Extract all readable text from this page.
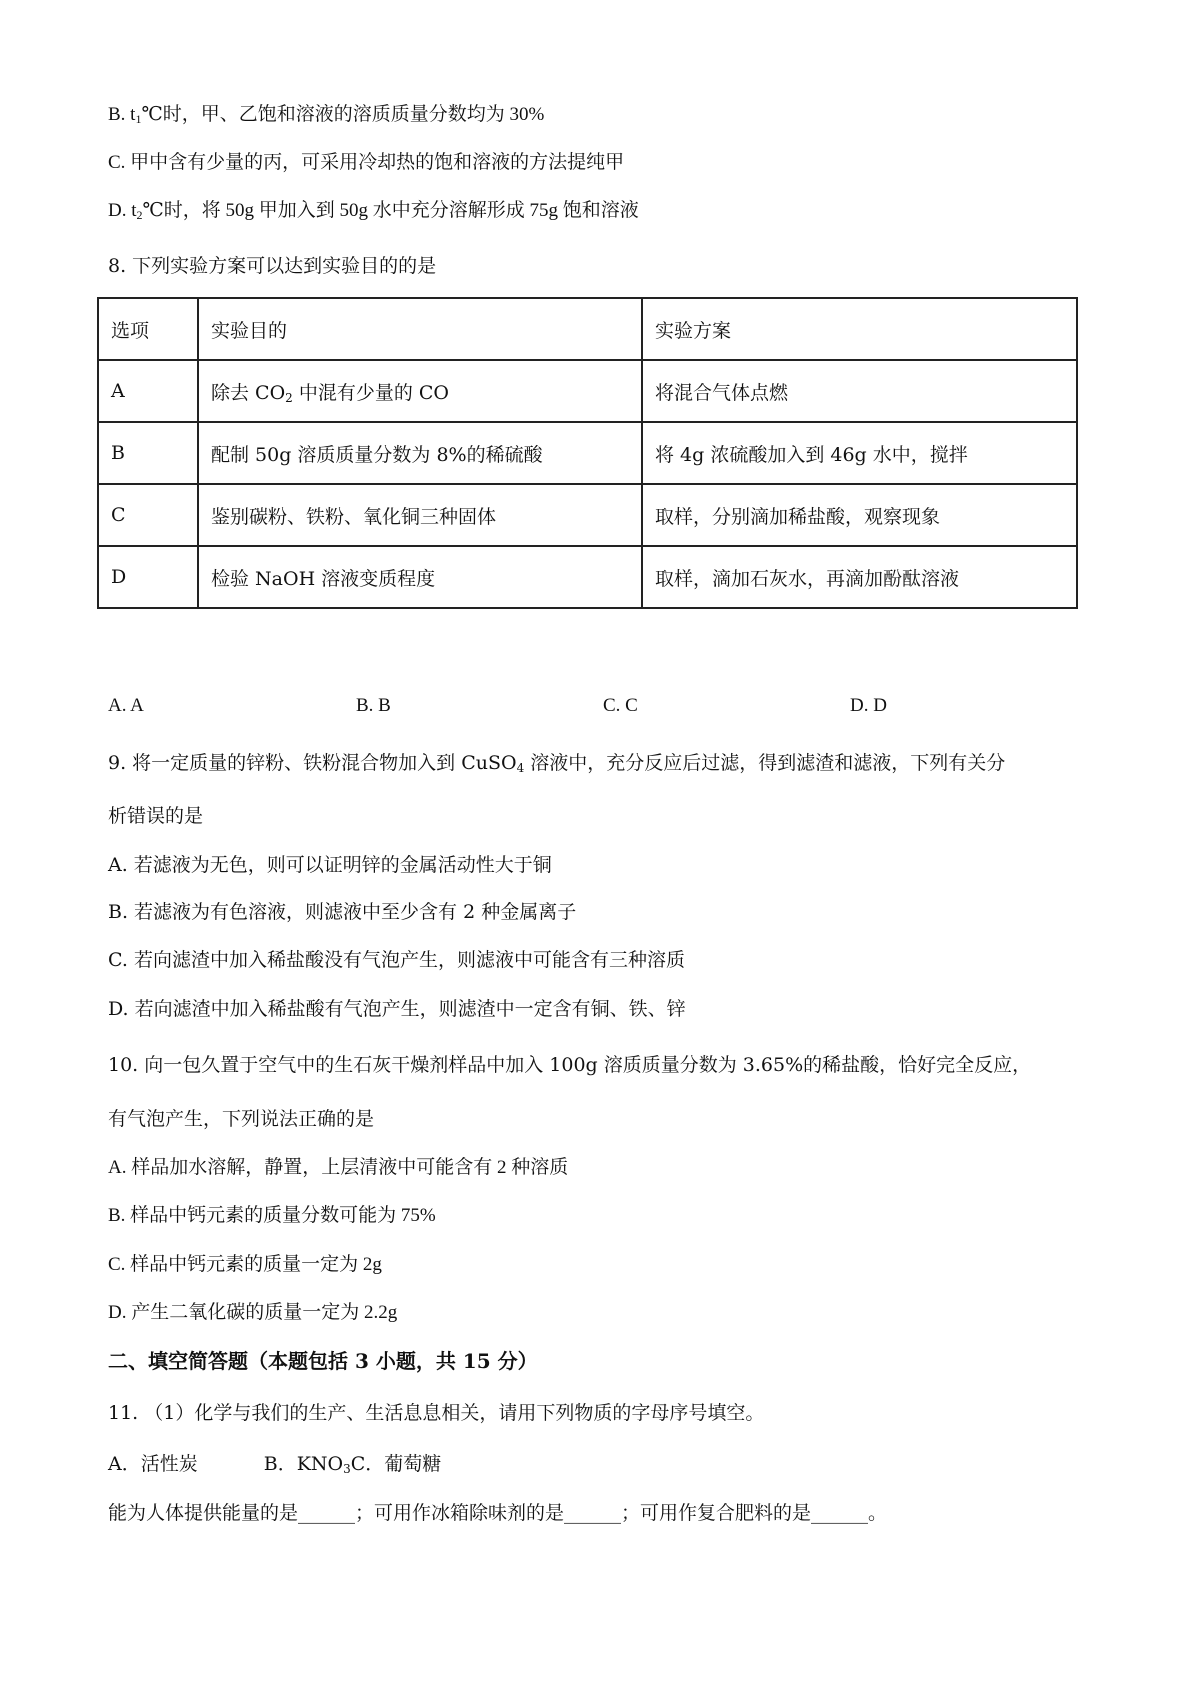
B. $t_1℃$时，甲、乙饱和溶液的溶质质量分数均为 30%
C. 甲中含有少量的丙，可采用冷却热的饱和溶液的方法提纯甲
D. $t_2℃$时，将 50g 甲加入到 50g 水中充分溶解形成 75g 饱和溶液
8. 下列实验方案可以达到实验目的的是
选项	实验目的	实验方案
A	除去 $CO_2$ 中混有少量的 CO	将混合气体点燃
B	配制 50g 溶质质量分数为 8%的稀硫酸	将 4g 浓硫酸加入到 46g 水中，搅拌
C	鉴别碳粉、铁粉、氧化铜三种固体	取样，分别滴加稀盐酸，观察现象
D	检验 NaOH 溶液变质程度	取样，滴加石灰水，再滴加酚酞溶液
A. A	B. B	C. C	D. D
9. 将一定质量的锌粉、铁粉混合物加入到 CuSO$_4$ 溶液中，充分反应后过滤，得到滤渣和滤液，下列有关分
析错误的是
A. 若滤液为无色，则可以证明锌的金属活动性大于铜
B. 若滤液为有色溶液，则滤液中至少含有 2 种金属离子
C. 若向滤渣中加入稀盐酸没有气泡产生，则滤液中可能含有三种溶质
D. 若向滤渣中加入稀盐酸有气泡产生，则滤渣中一定含有铜、铁、锌
10. 向一包久置于空气中的生石灰干燥剂样品中加入 100g 溶质质量分数为 3.65%的稀盐酸，恰好完全反应，
有气泡产生，下列说法正确的是
A. 样品加水溶解，静置，上层清液中可能含有 2 种溶质
B. 样品中钙元素的质量分数可能为 75%
C. 样品中钙元素的质量一定为 2g
D. 产生二氧化碳的质量一定为 2.2g
二、填空简答题（本题包括 3 小题，共 15 分）
11. （1）化学与我们的生产、生活息息相关，请用下列物质的字母序号填空。
A．活性炭	B．$KNO_3C$．葡萄糖
能为人体提供能量的是______；可用作冰箱除味剂的是______；可用作复合肥料的是______。
